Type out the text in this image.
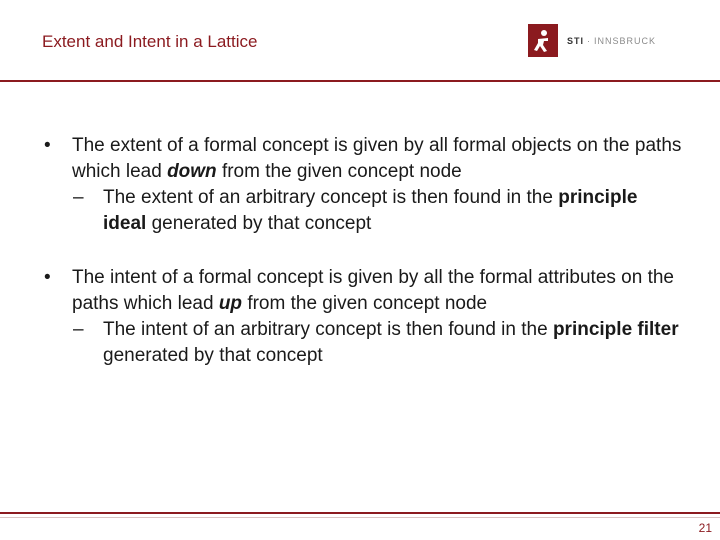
Extent and Intent in a Lattice	STI · INNSBRUCK
• The extent of a formal concept is given by all formal objects on the paths which lead down from the given concept node
– The extent of an arbitrary concept is then found in the principle ideal generated by that concept
• The intent of a formal concept is given by all the formal attributes on the paths which lead up from the given concept node
– The intent of an arbitrary concept is then found in the principle filter generated by that concept
21
